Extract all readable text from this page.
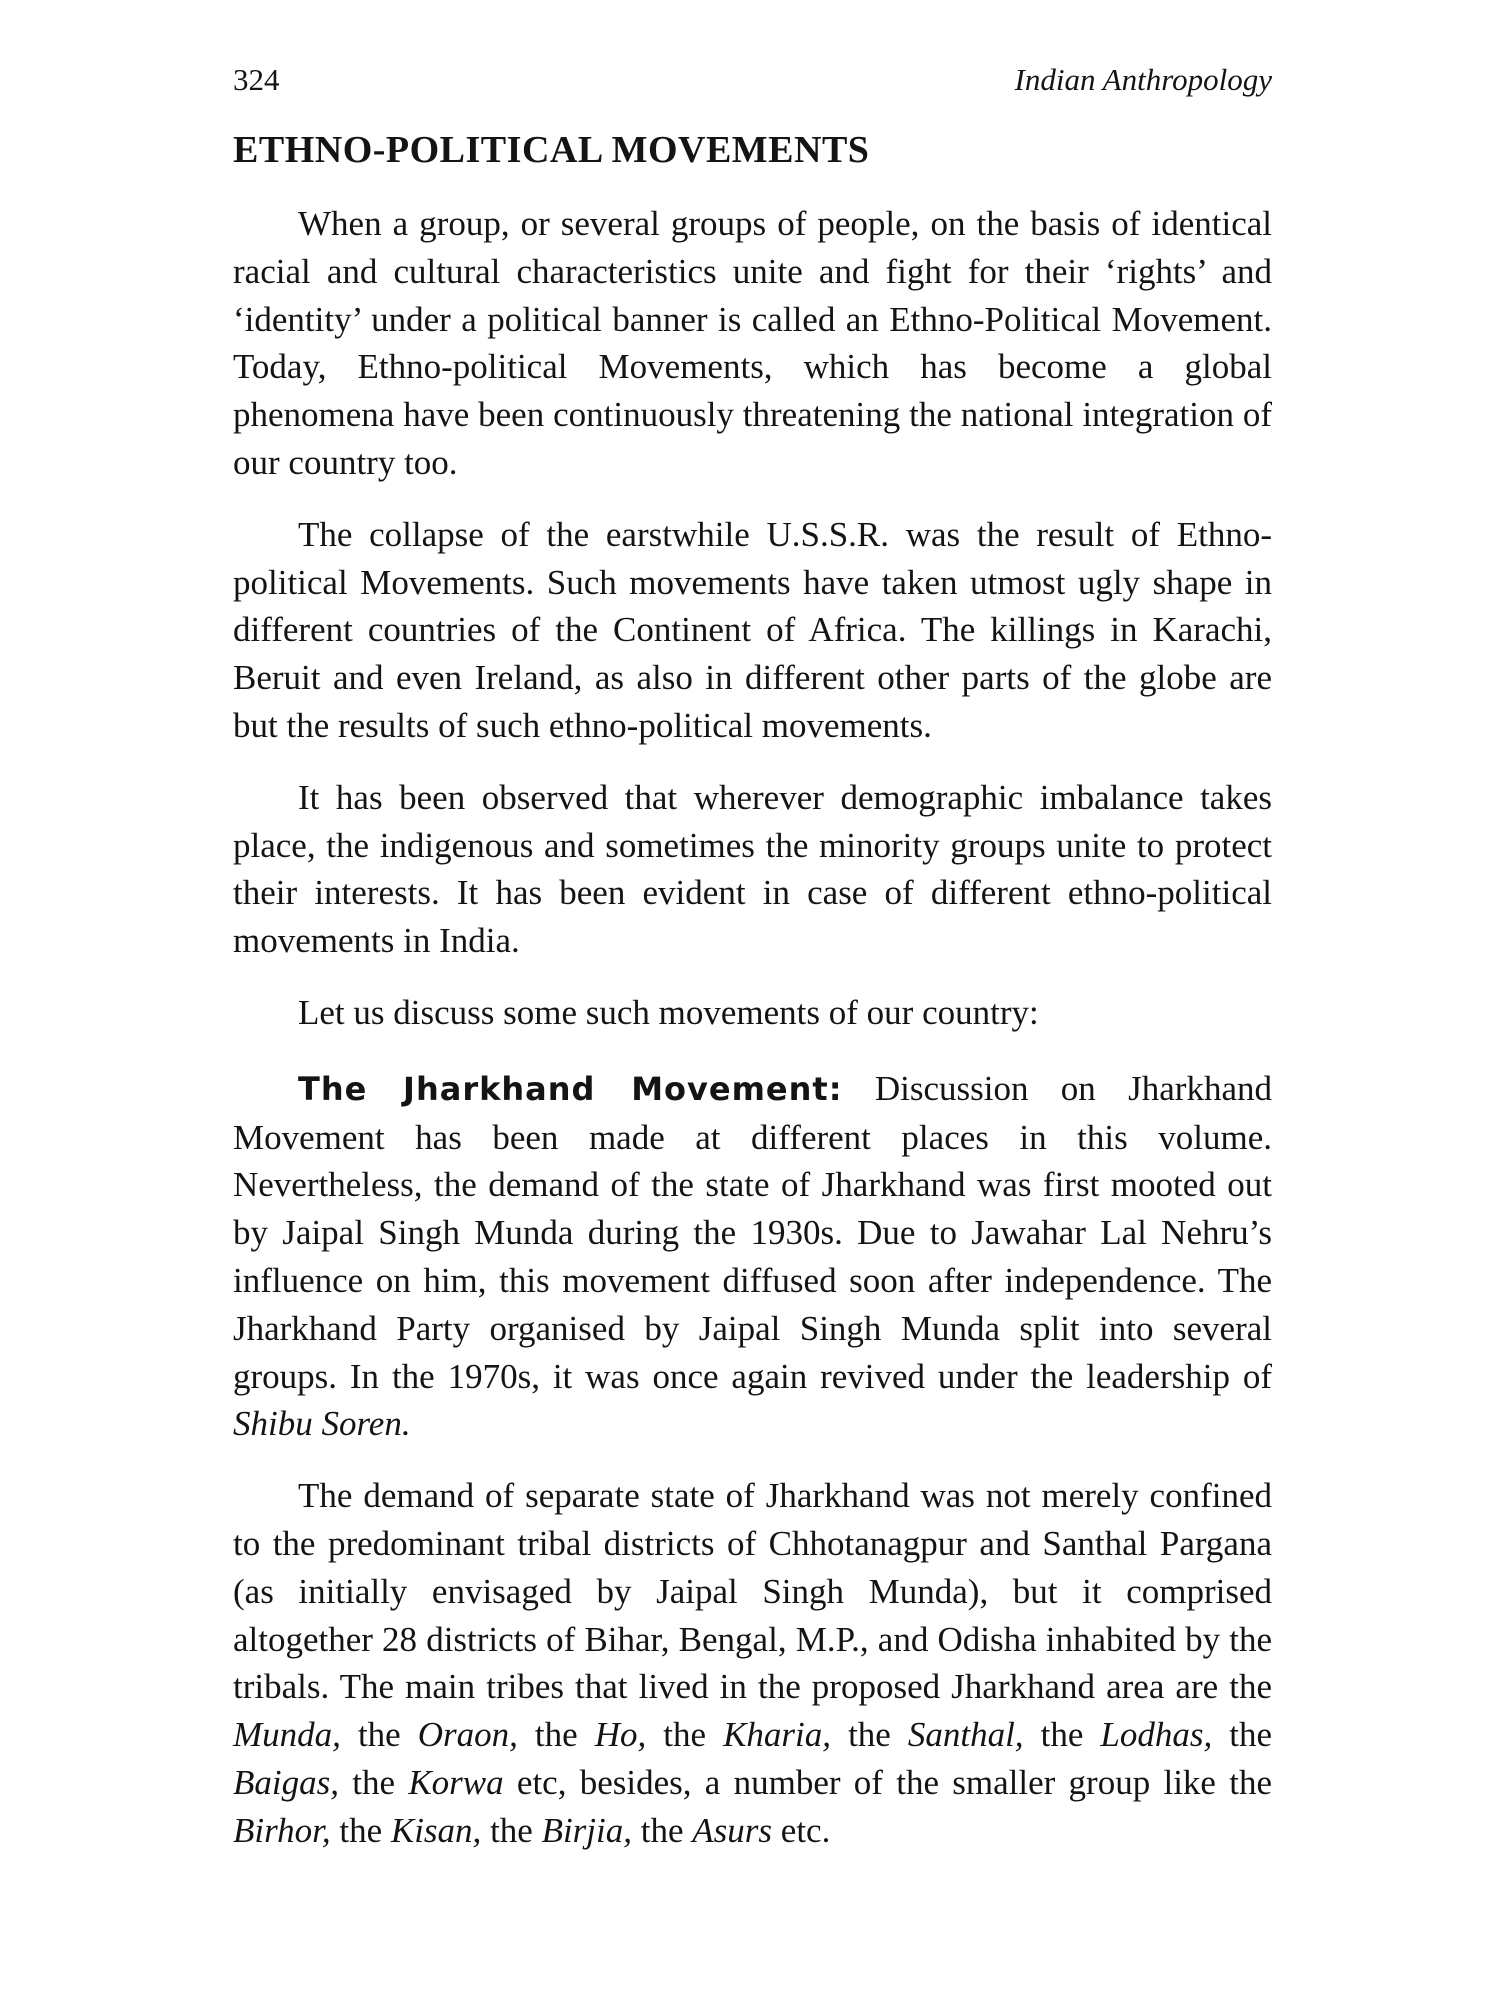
324	Indian Anthropology
ETHNO-POLITICAL MOVEMENTS

When a group, or several groups of people, on the basis of identical racial and cultural characteristics unite and fight for their ‘rights’ and ‘identity’ under a political banner is called an Ethno-Political Movement. Today, Ethno-political Movements, which has become a global phenomena have been continuously threatening the national integration of our country too.

The collapse of the earstwhile U.S.S.R. was the result of Ethno-political Movements. Such movements have taken utmost ugly shape in different countries of the Continent of Africa. The killings in Karachi, Beruit and even Ireland, as also in different other parts of the globe are but the results of such ethno-political movements.

It has been observed that wherever demographic imbalance takes place, the indigenous and sometimes the minority groups unite to protect their interests. It has been evident in case of different ethno-political movements in India.

Let us discuss some such movements of our country:

The Jharkhand Movement: Discussion on Jharkhand Movement has been made at different places in this volume. Nevertheless, the demand of the state of Jharkhand was first mooted out by Jaipal Singh Munda during the 1930s. Due to Jawahar Lal Nehru’s influence on him, this movement diffused soon after independence. The Jharkhand Party organised by Jaipal Singh Munda split into several groups. In the 1970s, it was once again revived under the leadership of Shibu Soren.

The demand of separate state of Jharkhand was not merely confined to the predominant tribal districts of Chhotanagpur and Santhal Pargana (as initially envisaged by Jaipal Singh Munda), but it comprised altogether 28 districts of Bihar, Bengal, M.P., and Odisha inhabited by the tribals. The main tribes that lived in the proposed Jharkhand area are the Munda, the Oraon, the Ho, the Kharia, the Santhal, the Lodhas, the Baigas, the Korwa etc, besides, a number of the smaller group like the Birhor, the Kisan, the Birjia, the Asurs etc.
